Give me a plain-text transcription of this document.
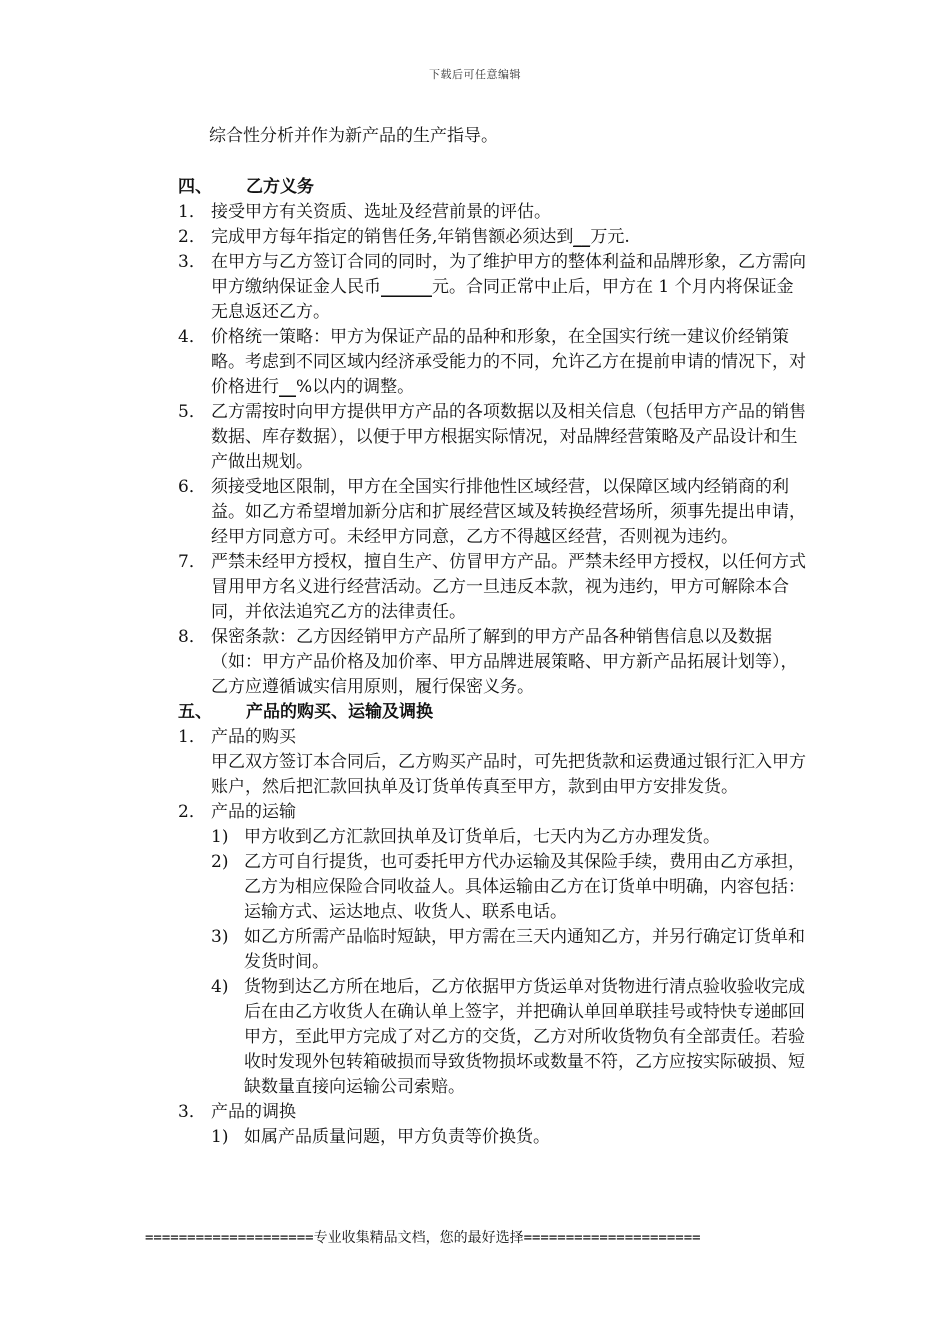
下载后可任意编辑

综合性分析并作为新产品的生产指导。

四、	乙方义务

1． 接受甲方有关资质、选址及经营前景的评估。
2． 完成甲方每年指定的销售任务,年销售额必须达到__万元.
3． 在甲方与乙方签订合同的同时，为了维护甲方的整体利益和品牌形象，乙方需向甲方缴纳保证金人民币______元。合同正常中止后，甲方在 1 个月内将保证金无息返还乙方。
4． 价格统一策略：甲方为保证产品的品种和形象，在全国实行统一建议价经销策略。考虑到不同区域内经济承受能力的不同，允许乙方在提前申请的情况下，对价格进行__%以内的调整。
5． 乙方需按时向甲方提供甲方产品的各项数据以及相关信息（包括甲方产品的销售数据、库存数据），以便于甲方根据实际情况，对品牌经营策略及产品设计和生产做出规划。
6． 须接受地区限制，甲方在全国实行排他性区域经营，以保障区域内经销商的利益。如乙方希望增加新分店和扩展经营区域及转换经营场所，须事先提出申请，经甲方同意方可。未经甲方同意，乙方不得越区经营，否则视为违约。
7． 严禁未经甲方授权，擅自生产、仿冒甲方产品。严禁未经甲方授权，以任何方式冒用甲方名义进行经营活动。乙方一旦违反本款，视为违约，甲方可解除本合同，并依法追究乙方的法律责任。
8． 保密条款：乙方因经销甲方产品所了解到的甲方产品各种销售信息以及数据（如：甲方产品价格及加价率、甲方品牌进展策略、甲方新产品拓展计划等），乙方应遵循诚实信用原则，履行保密义务。

五、	产品的购买、运输及调换

1． 产品的购买

甲乙双方签订本合同后，乙方购买产品时，可先把货款和运费通过银行汇入甲方账户，然后把汇款回执单及订货单传真至甲方，款到由甲方安排发货。

2． 产品的运输
1) 甲方收到乙方汇款回执单及订货单后，七天内为乙方办理发货。
2) 乙方可自行提货，也可委托甲方代办运输及其保险手续，费用由乙方承担，乙方为相应保险合同收益人。具体运输由乙方在订货单中明确，内容包括：运输方式、运达地点、收货人、联系电话。
3) 如乙方所需产品临时短缺，甲方需在三天内通知乙方，并另行确定订货单和发货时间。
4) 货物到达乙方所在地后，乙方依据甲方货运单对货物进行清点验收验收完成后在由乙方收货人在确认单上签字，并把确认单回单联挂号或特快专递邮回甲方，至此甲方完成了对乙方的交货，乙方对所收货物负有全部责任。若验收时发现外包转箱破损而导致货物损坏或数量不符，乙方应按实际破损、短缺数量直接向运输公司索赔。
3． 产品的调换
1) 如属产品质量问题，甲方负责等价换货。
====================专业收集精品文档，您的最好选择=====================
